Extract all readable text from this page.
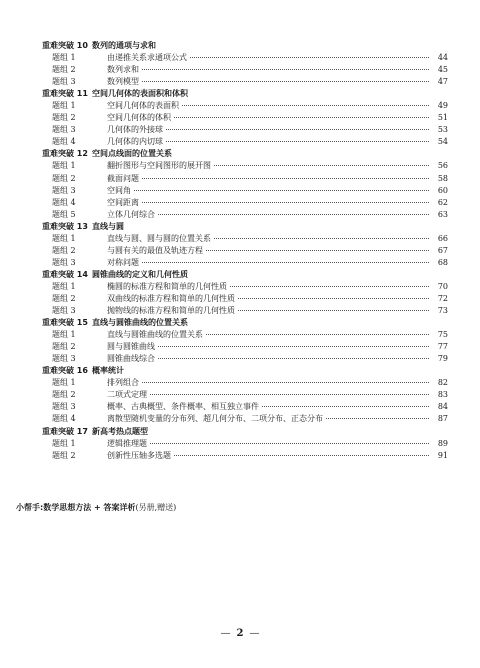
重难突破 10 数列的通项与求和
题组 1	由递推关系求通项公式	44
题组 2	数列求和	45
题组 3	数列模型	47
重难突破 11 空间几何体的表面积和体积
题组 1	空间几何体的表面积	49
题组 2	空间几何体的体积	51
题组 3	几何体的外接球	53
题组 4	几何体的内切球	54
重难突破 12 空间点线面的位置关系
题组 1	翻折图形与空间图形的展开图	56
题组 2	截面问题	58
题组 3	空间角	60
题组 4	空间距离	62
题组 5	立体几何综合	63
重难突破 13 直线与圆
题组 1	直线与圆、圆与圆的位置关系	66
题组 2	与圆有关的最值及轨迹方程	67
题组 3	对称问题	68
重难突破 14 圆锥曲线的定义和几何性质
题组 1	椭圆的标准方程和简单的几何性质	70
题组 2	双曲线的标准方程和简单的几何性质	72
题组 3	抛物线的标准方程和简单的几何性质	73
重难突破 15 直线与圆锥曲线的位置关系
题组 1	直线与圆锥曲线的位置关系	75
题组 2	圆与圆锥曲线	77
题组 3	圆锥曲线综合	79
重难突破 16 概率统计
题组 1	排列组合	82
题组 2	二项式定理	83
题组 3	概率、古典概型、条件概率、相互独立事件	84
题组 4	离散型随机变量的分布列、超几何分布、二项分布、正态分布	87
重难突破 17 新高考热点题型
题组 1	逻辑推理题	89
题组 2	创新性压轴多选题	91
小帮手:数学思想方法 + 答案详析(另册,赠送)
— 2 —
